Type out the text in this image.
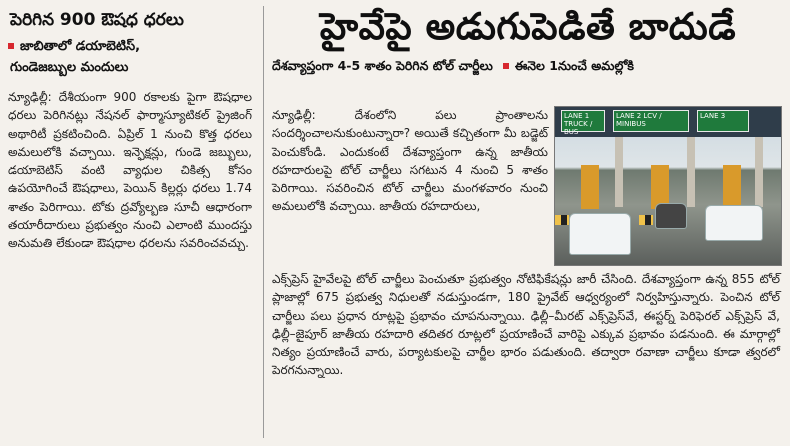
పెరిగిన 900 ఔషధ ధరలు
జాబితాలో డయాబెటిస్,
గుండెజబ్బుల మందులు
న్యూఢిల్లీ: దేశీయంగా 900 రకాలకు పైగా ఔషధాల ధరలు పెరిగినట్లు నేషనల్ ఫార్మాస్యూటికల్ ప్రైజింగ్ అథారిటీ ప్రకటించింది. ఏప్రిల్ 1 నుంచి కొత్త ధరలు అమలులోకి వచ్చాయి. ఇన్ఫెక్షన్లు, గుండె జబ్బులు, డయాబెటిస్ వంటి వ్యాధుల చికిత్స కోసం ఉపయోగించే ఔషధాలు, పెయిన్ కిల్లర్లు ధరలు 1.74 శాతం పెరిగాయి. టోకు ద్రవ్యోల్బణ సూచీ ఆధారంగా తయారీదారులు ప్రభుత్వం నుంచి ఎలాంటి ముందస్తు అనుమతి లేకుండా ఔషధాల ధరలను సవరించవచ్చు.
హైవేపై అడుగుపెడితే బాదుడే
దేశవ్యాప్తంగా 4-5 శాతం పెరిగిన టోల్ చార్జీలు ఈనెల 1నుంచే అమల్లోకి
న్యూఢిల్లీ: దేశంలోని పలు ప్రాంతాలను సందర్శించాలనుకుంటున్నారా? అయితే కచ్చితంగా మీ బడ్జెట్ పెంచుకోండి. ఎందుకంటే దేశవ్యాప్తంగా ఉన్న జాతీయ రహదారులపై టోల్ చార్జీలు సగటున 4 నుంచి 5 శాతం పెరిగాయి. సవరించిన టోల్ చార్జీలు మంగళవారం నుంచి అమలులోకి వచ్చాయి. జాతీయ రహదారులు,
LANE 1 TRUCK / BUS
LANE 2 LCV / MINIBUS
LANE 3
ఎక్స్‌ప్రెస్ హైవేలపై టోల్ చార్జీలు పెంచుతూ ప్రభుత్వం నోటిఫికేషన్లు జారీ చేసింది. దేశవ్యాప్తంగా ఉన్న 855 టోల్ ప్లాజాల్లో 675 ప్రభుత్వ నిధులతో నడుస్తుండగా, 180 ప్రైవేట్ ఆధ్వర్యంలో నిర్వహిస్తున్నారు. పెంచిన టోల్ చార్జీలు పలు ప్రధాన రూట్లపై ప్రభావం చూపనున్నాయి. ఢిల్లీ–మీరట్ ఎక్స్‌ప్రెస్‌వే, ఈస్టర్న్ పెరిఫెరల్ ఎక్స్‌ప్రెస్ వే, ఢిల్లీ–జైపూర్ జాతీయ రహదారి తదితర రూట్లలో ప్రయాణించే వారిపై ఎక్కువ ప్రభావం పడనుంది. ఈ మార్గాల్లో నిత్యం ప్రయాణించే వారు, పర్యాటకులపై చార్జీల భారం పడుతుంది. తద్వారా రవాణా చార్జీలు కూడా త్వరలో పెరగనున్నాయి.
